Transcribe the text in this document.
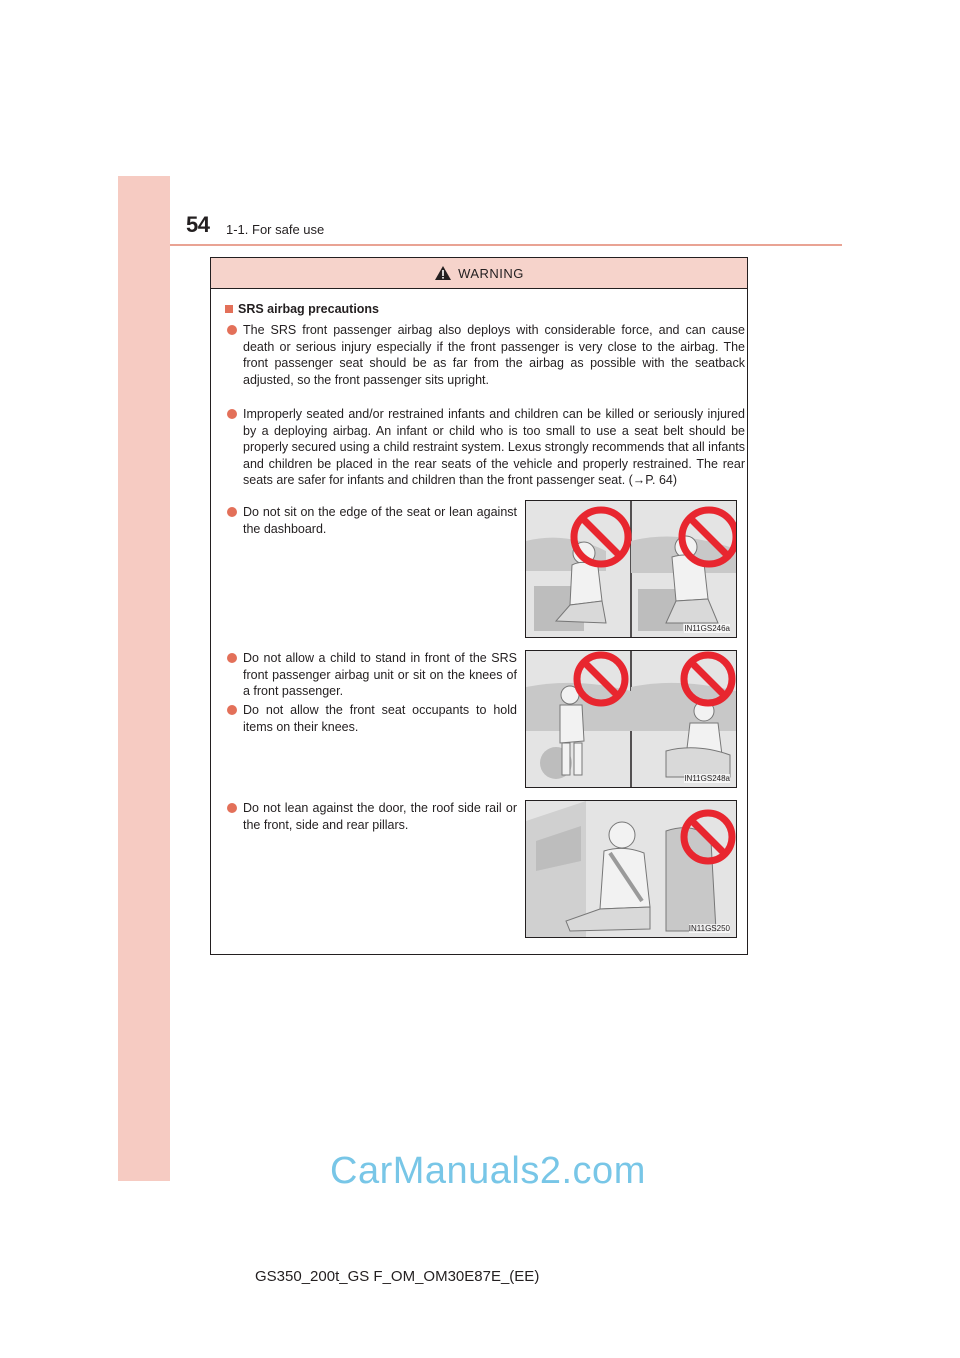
54 1-1. For safe use
WARNING
SRS airbag precautions
The SRS front passenger airbag also deploys with considerable force, and can cause death or serious injury especially if the front passenger is very close to the airbag. The front passenger seat should be as far from the airbag as possible with the seatback adjusted, so the front passenger sits upright.
Improperly seated and/or restrained infants and children can be killed or seriously injured by a deploying airbag. An infant or child who is too small to use a seat belt should be properly secured using a child restraint system. Lexus strongly recommends that all infants and children be placed in the rear seats of the vehicle and properly restrained. The rear seats are safer for infants and children than the front passenger seat. (→P. 64)
Do not sit on the edge of the seat or lean against the dashboard.
Do not allow a child to stand in front of the SRS front passenger airbag unit or sit on the knees of a front passenger.
Do not allow the front seat occupants to hold items on their knees.
Do not lean against the door, the roof side rail or the front, side and rear pillars.
IN11GS246a
IN11GS248a
IN11GS250
CarManuals2.com
GS350_200t_GS F_OM_OM30E87E_(EE)
